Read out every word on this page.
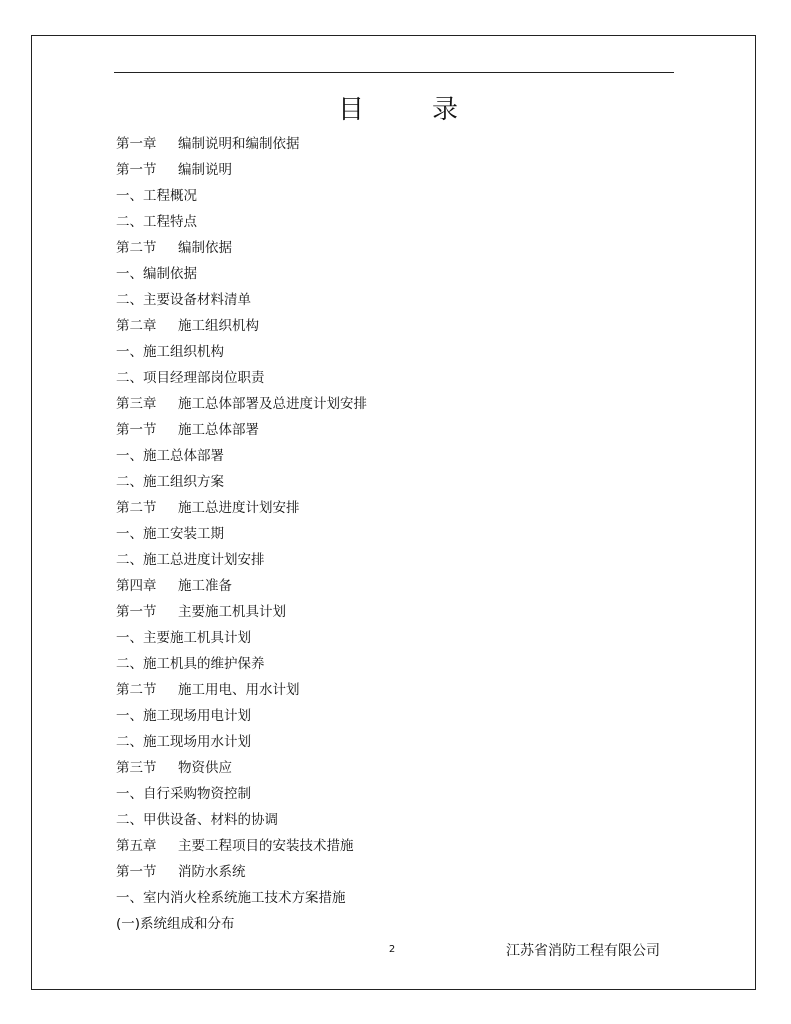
目	录
第一章	编制说明和编制依据
第一节	编制说明
一、 工程概况
二、 工程特点
第二节	编制依据
一、 编制依据
二、 主要设备材料清单
第二章	施工组织机构
一、 施工组织机构
二、 项目经理部岗位职责
第三章	施工总体部署及总进度计划安排
第一节	施工总体部署
一、 施工总体部署
二、 施工组织方案
第二节	施工总进度计划安排
一、 施工安装工期
二、 施工总进度计划安排
第四章	施工准备
第一节	主要施工机具计划
一、 主要施工机具计划
二、 施工机具的维护保养
第二节	施工用电、用水计划
一、 施工现场用电计划
二、 施工现场用水计划
第三节	物资供应
一、 自行采购物资控制
二、 甲供设备、材料的协调
第五章	主要工程项目的安装技术措施
第一节	消防水系统
一、 室内消火栓系统施工技术方案措施
(一) 系统组成和分布
2	江苏省消防工程有限公司
